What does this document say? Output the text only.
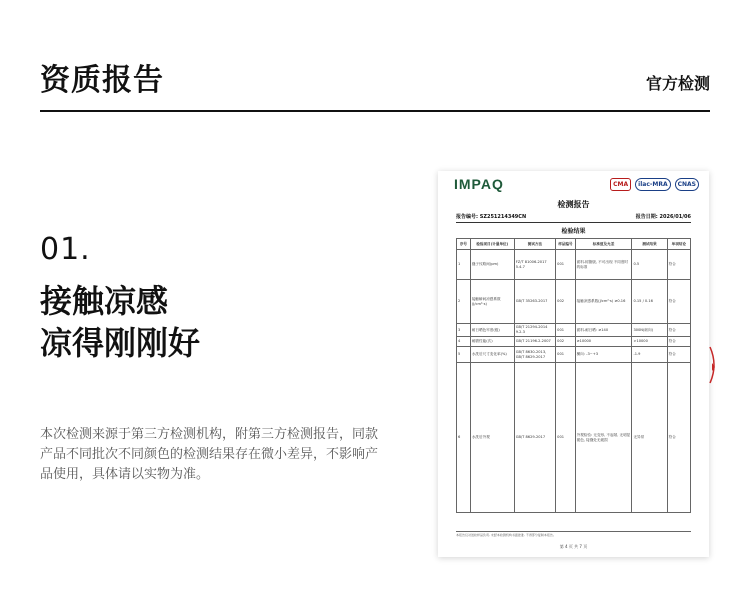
资质报告	官方检测
01.
接触凉感
凉得刚刚好
本次检测来源于第三方检测机构，附第三方检测报告，同款产品不同批次不同颜色的检测结果存在微小差异，不影响产品使用，具体请以实物为准。
IMPAQ	CMA	ilac-MRA	CNAS
检测报告
报告编号: SZ251214349CN	报告日期: 2026/01/06
检验结果
序号	检验项目(计量单位)	测试方法	样品编号	标准值及允差	测试结果	单项结论
1	缝子纹路间(pm)	FZ/T 81006-2017 5.4.7	001	面料-树脂版, 不可出现 不同度时的标准	0.5	符合
2	接触瞬间凉感系数(J/cm²·s)	GB/T 35263-2017	002	接触凉感系数(J/cm²·s) ≥0.16	0.15 / 0.16	符合
3	耐日晒色牢度(级)	GB/T 21294-2014 9.2.3	001	面料-耐日晒: ≥140	300N(纵向)	符合
4	耐磨性能(次)	GB/T 21196.2-2007	002	≥10000	>10000	符合
5	水洗后尺寸变化率(%)	GB/T 8630-2013, GB/T 8629-2017	001	横向: -3~+3	-1.9	符合
6	水洗后外观	GB/T 8629-2017	001	外观检验: 无变形, 不起皱, 无明显褪色, 接缝处无破损	无异常	符合
本报告仅对送检样品负责, 未经本检测机构书面批准, 不得部分复制本报告。
第 4 页 共 7 页
